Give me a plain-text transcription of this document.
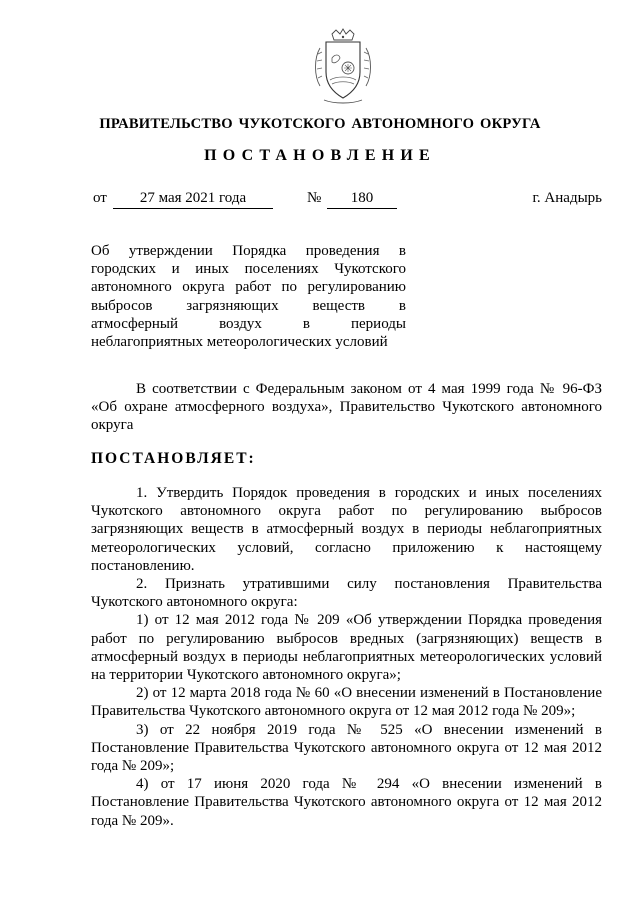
ПРАВИТЕЛЬСТВО ЧУКОТСКОГО АВТОНОМНОГО ОКРУГА
ПОСТАНОВЛЕНИЕ
от	27 мая 2021 года	№	180	г. Анадырь
Об утверждении Порядка проведения в
городских и иных поселениях Чукотского
автономного округа работ по регулированию
выбросов загрязняющих веществ в
атмосферный воздух в периоды
неблагоприятных метеорологических условий
В соответствии с Федеральным законом от 4 мая 1999 года № 96-ФЗ «Об охране атмосферного воздуха», Правительство Чукотского автономного округа
ПОСТАНОВЛЯЕТ:

1. Утвердить Порядок проведения в городских и иных поселениях Чукотского автономного округа работ по регулированию выбросов загрязняющих веществ в атмосферный воздух в периоды неблагоприятных метеорологических условий, согласно приложению к настоящему постановлению.

2. Признать утратившими силу постановления Правительства Чукотского автономного округа:

1) от 12 мая 2012 года № 209 «Об утверждении Порядка проведения работ по регулированию выбросов вредных (загрязняющих) веществ в атмосферный воздух в периоды неблагоприятных метеорологических условий на территории Чукотского автономного округа»;

2) от 12 марта 2018 года № 60 «О внесении изменений в Постановление Правительства Чукотского автономного округа от 12 мая 2012 года № 209»;

3) от 22 ноября 2019 года № 525 «О внесении изменений в Постановление Правительства Чукотского автономного округа от 12 мая 2012 года № 209»;

4) от 17 июня 2020 года № 294 «О внесении изменений в Постановление Правительства Чукотского автономного округа от 12 мая 2012 года № 209».
